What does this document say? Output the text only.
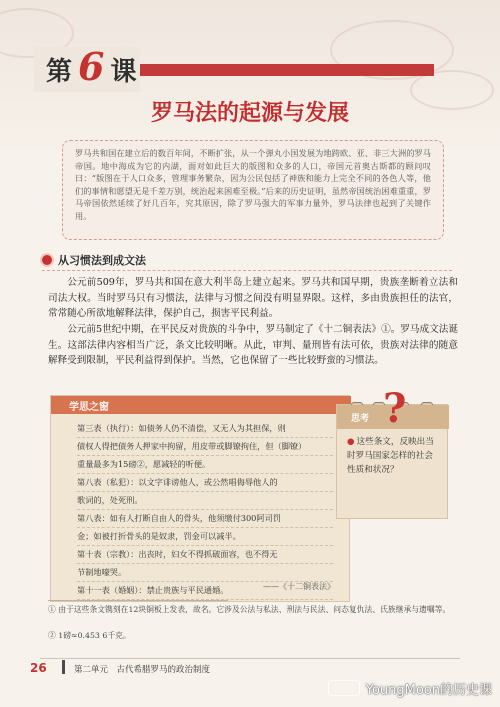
第 6 课
罗马法的起源与发展
罗马共和国在建立后的数百年间，不断扩张，从一个弹丸小国发展为地跨欧、亚、非三大洲的罗马帝国。地中海成为它的内湖，面对如此巨大的版图和众多的人口，帝国元首奥古斯都的顾问叹曰：“版图在于人口众多，管理事务繁杂，因为公民包括了神族和能力上完全不同的各色人等，他们的事情和愿望无是千差万别，统治起来困难至极。”后来的历史证明，虽然帝国统治困难重重，罗马帝国依然延续了好几百年，究其原因，除了罗马强大的军事力量外，罗马法律也起到了关键作用。
从习惯法到成文法

公元前509年，罗马共和国在意大利半岛上建立起来。罗马共和国早期，贵族垄断着立法和司法大权。当时罗马只有习惯法，法律与习惯之间没有明显界限。这样，多由贵族担任的法官，常常随心所欲地解释法律，保护自己，损害平民利益。

公元前5世纪中期，在平民反对贵族的斗争中，罗马制定了《十二铜表法》①。罗马成文法诞生。这部法律内容相当广泛，条文比较明晰。从此，审判、量刑皆有法可依，贵族对法律的随意解释受到限制，平民利益得到保护。当然，它也保留了一些比较野蛮的习惯法。

学思之窗
第三表（执行）：如债务人仍不清偿，又无人为其担保，则
债权人得把债务人押家中拘留，用皮带或脚镣拘住，但（脚镣）
重量最多为15磅②，愿减轻的听便。
第八表（私犯）：以文字诽谤他人，或公然唱侮辱他人的
歌词的，处死刑。
第八表：如有人打断自由人的骨头，他须缴付300阿司罚
金；如被打折骨头的是奴隶，罚金可以减半。
第十表（宗教）：出丧时，妇女不得抓破面容，也不得无
节制地嚎哭。
第十一表（婚姻）：禁止贵族与平民通婚。	——《十二铜表法》
思考 ?
● 这些条文，反映出当时罗马国家怎样的社会性质和状况？
① 由于这些条文镌刻在12块铜板上发表，故名。它涉及公法与私法、刑法与民法、问态复仇法、氏族继承与遗嘱等。
② 1磅≈0.453 6千克。
26	第二单元　古代希腊罗马的政治制度
YoungMoon的历史课
